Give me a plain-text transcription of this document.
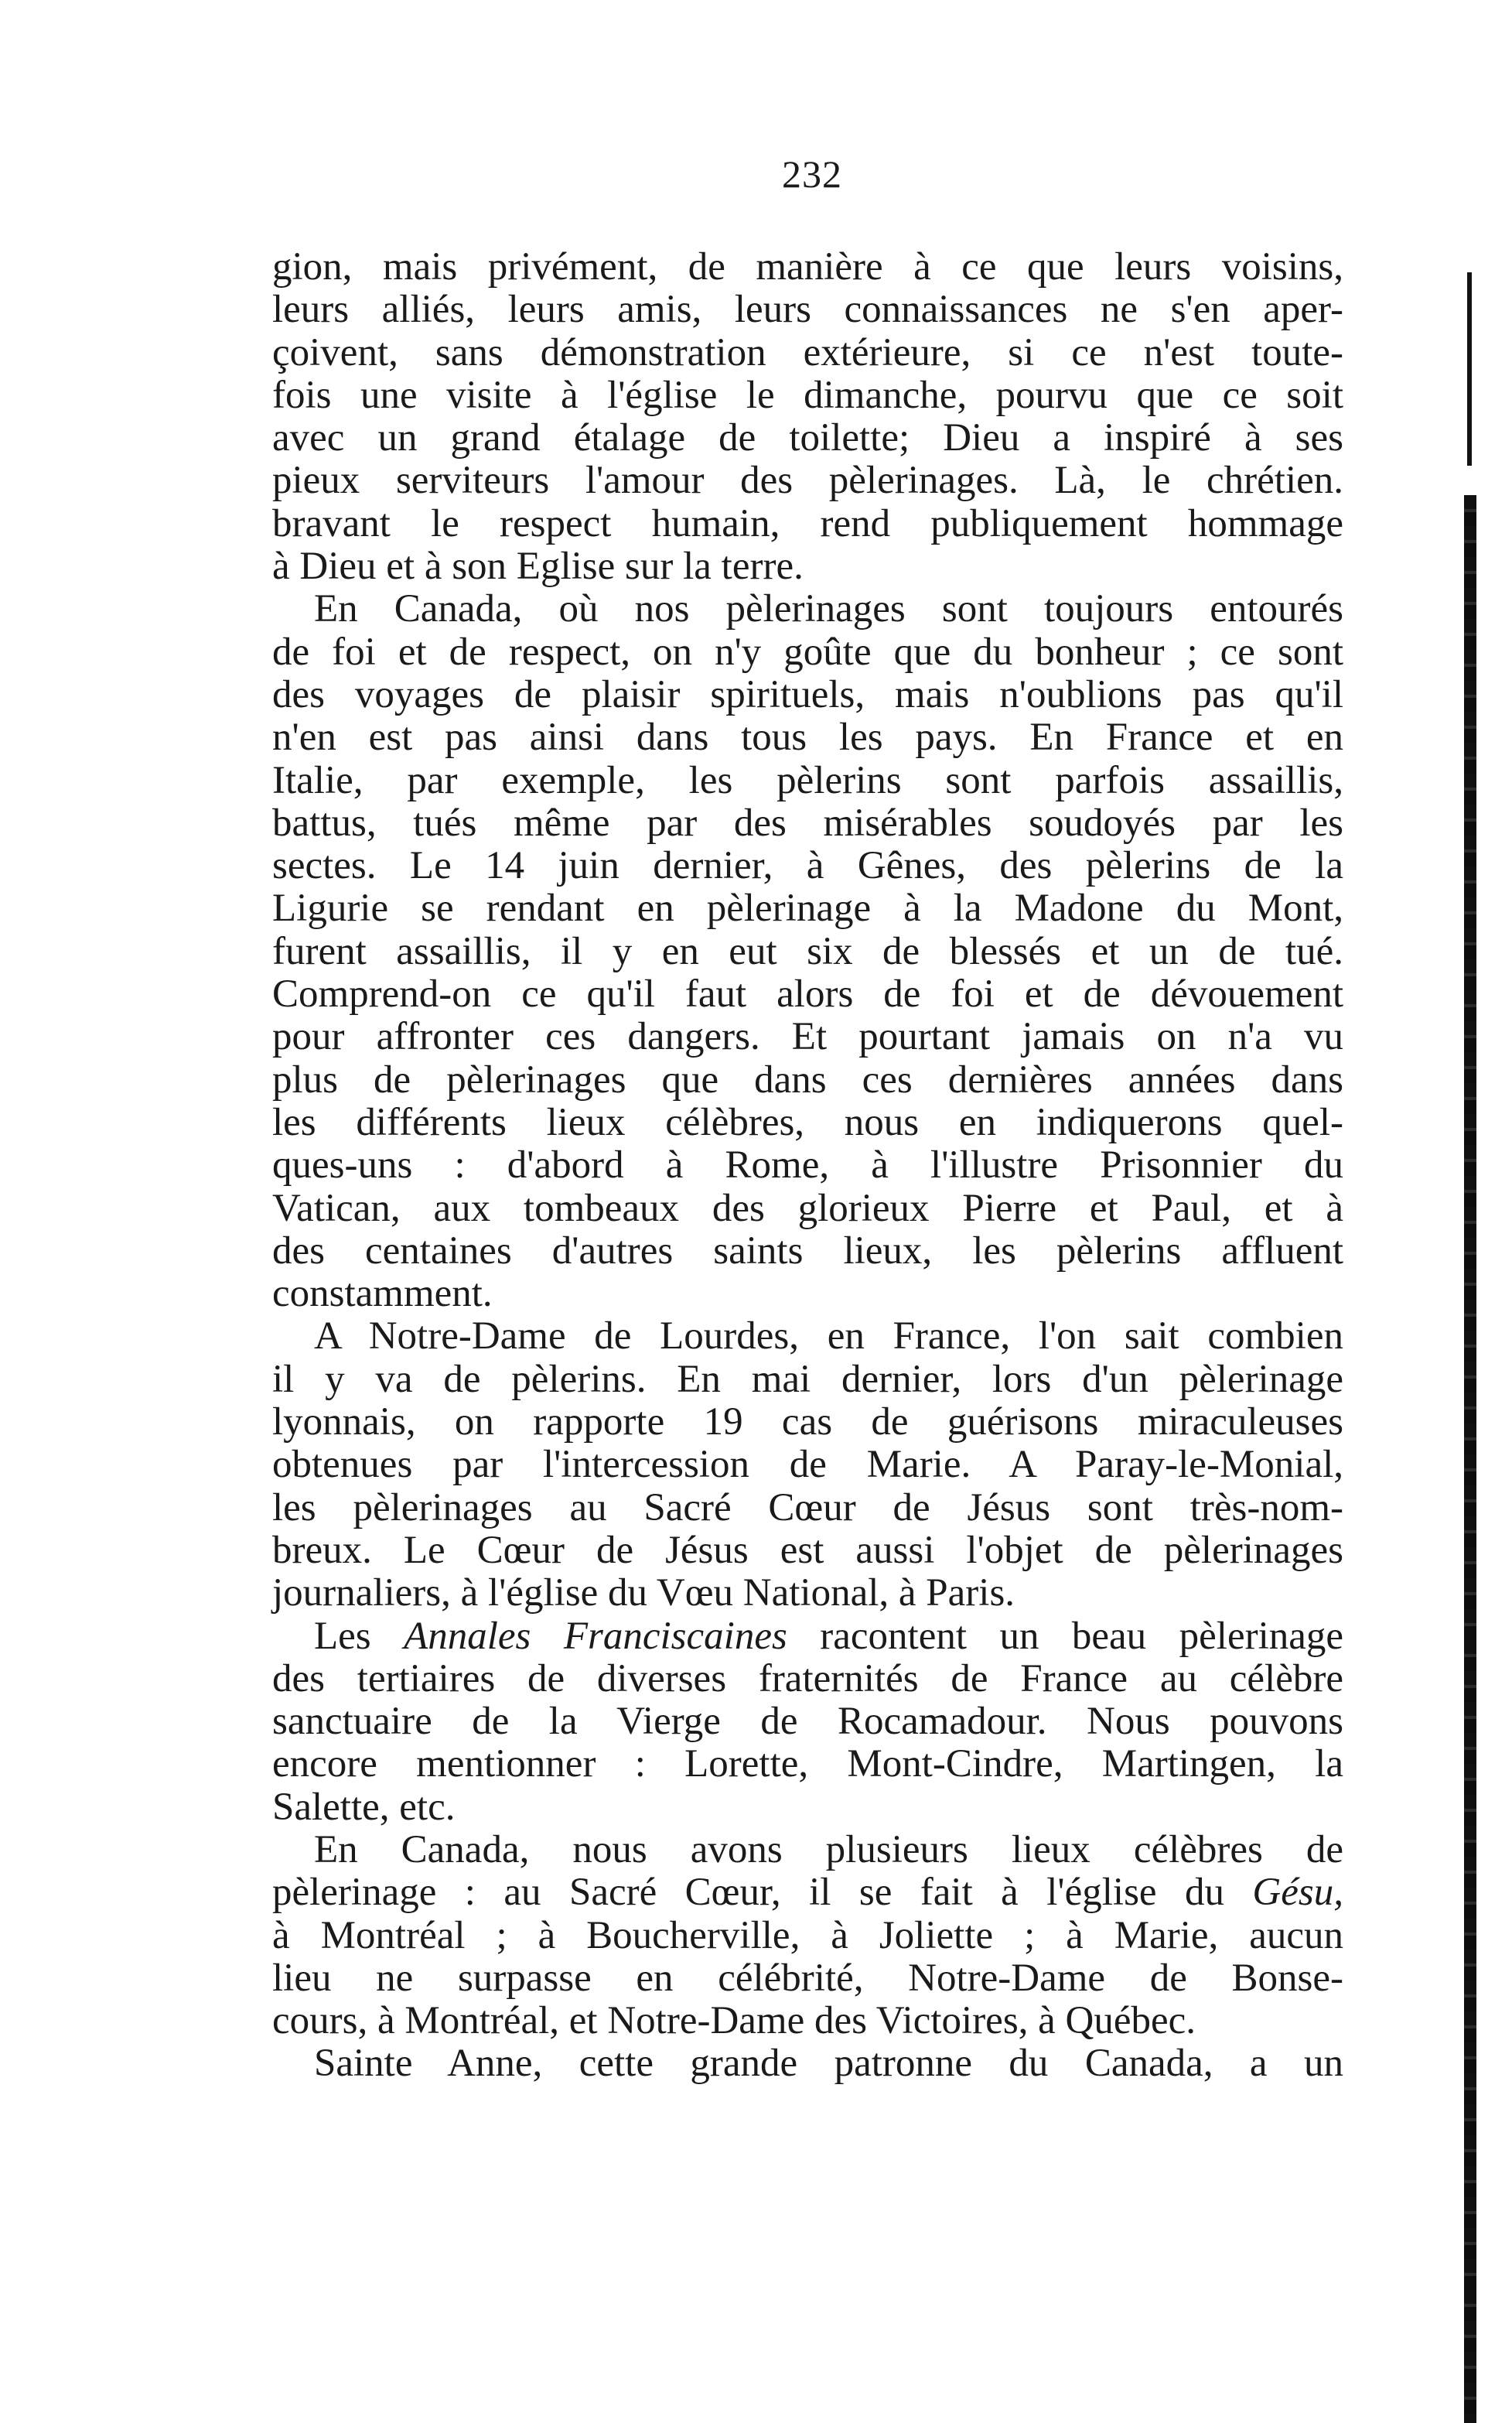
232
gion, mais privément, de manière à ce que leurs voisins,
leurs alliés, leurs amis, leurs connaissances ne s'en aper-
çoivent, sans démonstration extérieure, si ce n'est toute-
fois une visite à l'église le dimanche, pourvu que ce soit
avec un grand étalage de toilette; Dieu a inspiré à ses
pieux serviteurs l'amour des pèlerinages. Là, le chrétien.
bravant le respect humain, rend publiquement hommage
à Dieu et à son Eglise sur la terre.
En Canada, où nos pèlerinages sont toujours entourés
de foi et de respect, on n'y goûte que du bonheur ; ce sont
des voyages de plaisir spirituels, mais n'oublions pas qu'il
n'en est pas ainsi dans tous les pays. En France et en
Italie, par exemple, les pèlerins sont parfois assaillis,
battus, tués même par des misérables soudoyés par les
sectes. Le 14 juin dernier, à Gênes, des pèlerins de la
Ligurie se rendant en pèlerinage à la Madone du Mont,
furent assaillis, il y en eut six de blessés et un de tué.
Comprend-on ce qu'il faut alors de foi et de dévouement
pour affronter ces dangers. Et pourtant jamais on n'a vu
plus de pèlerinages que dans ces dernières années dans
les différents lieux célèbres, nous en indiquerons quel-
ques-uns : d'abord à Rome, à l'illustre Prisonnier du
Vatican, aux tombeaux des glorieux Pierre et Paul, et à
des centaines d'autres saints lieux, les pèlerins affluent
constamment.
A Notre-Dame de Lourdes, en France, l'on sait combien
il y va de pèlerins. En mai dernier, lors d'un pèlerinage
lyonnais, on rapporte 19 cas de guérisons miraculeuses
obtenues par l'intercession de Marie. A Paray-le-Monial,
les pèlerinages au Sacré Cœur de Jésus sont très-nom-
breux. Le Cœur de Jésus est aussi l'objet de pèlerinages
journaliers, à l'église du Vœu National, à Paris.
Les Annales Franciscaines racontent un beau pèlerinage
des tertiaires de diverses fraternités de France au célèbre
sanctuaire de la Vierge de Rocamadour. Nous pouvons
encore mentionner : Lorette, Mont-Cindre, Martingen, la
Salette, etc.
En Canada, nous avons plusieurs lieux célèbres de
pèlerinage : au Sacré Cœur, il se fait à l'église du Gésu,
à Montréal ; à Boucherville, à Joliette ; à Marie, aucun
lieu ne surpasse en célébrité, Notre-Dame de Bonse-
cours, à Montréal, et Notre-Dame des Victoires, à Québec.
Sainte Anne, cette grande patronne du Canada, a un
